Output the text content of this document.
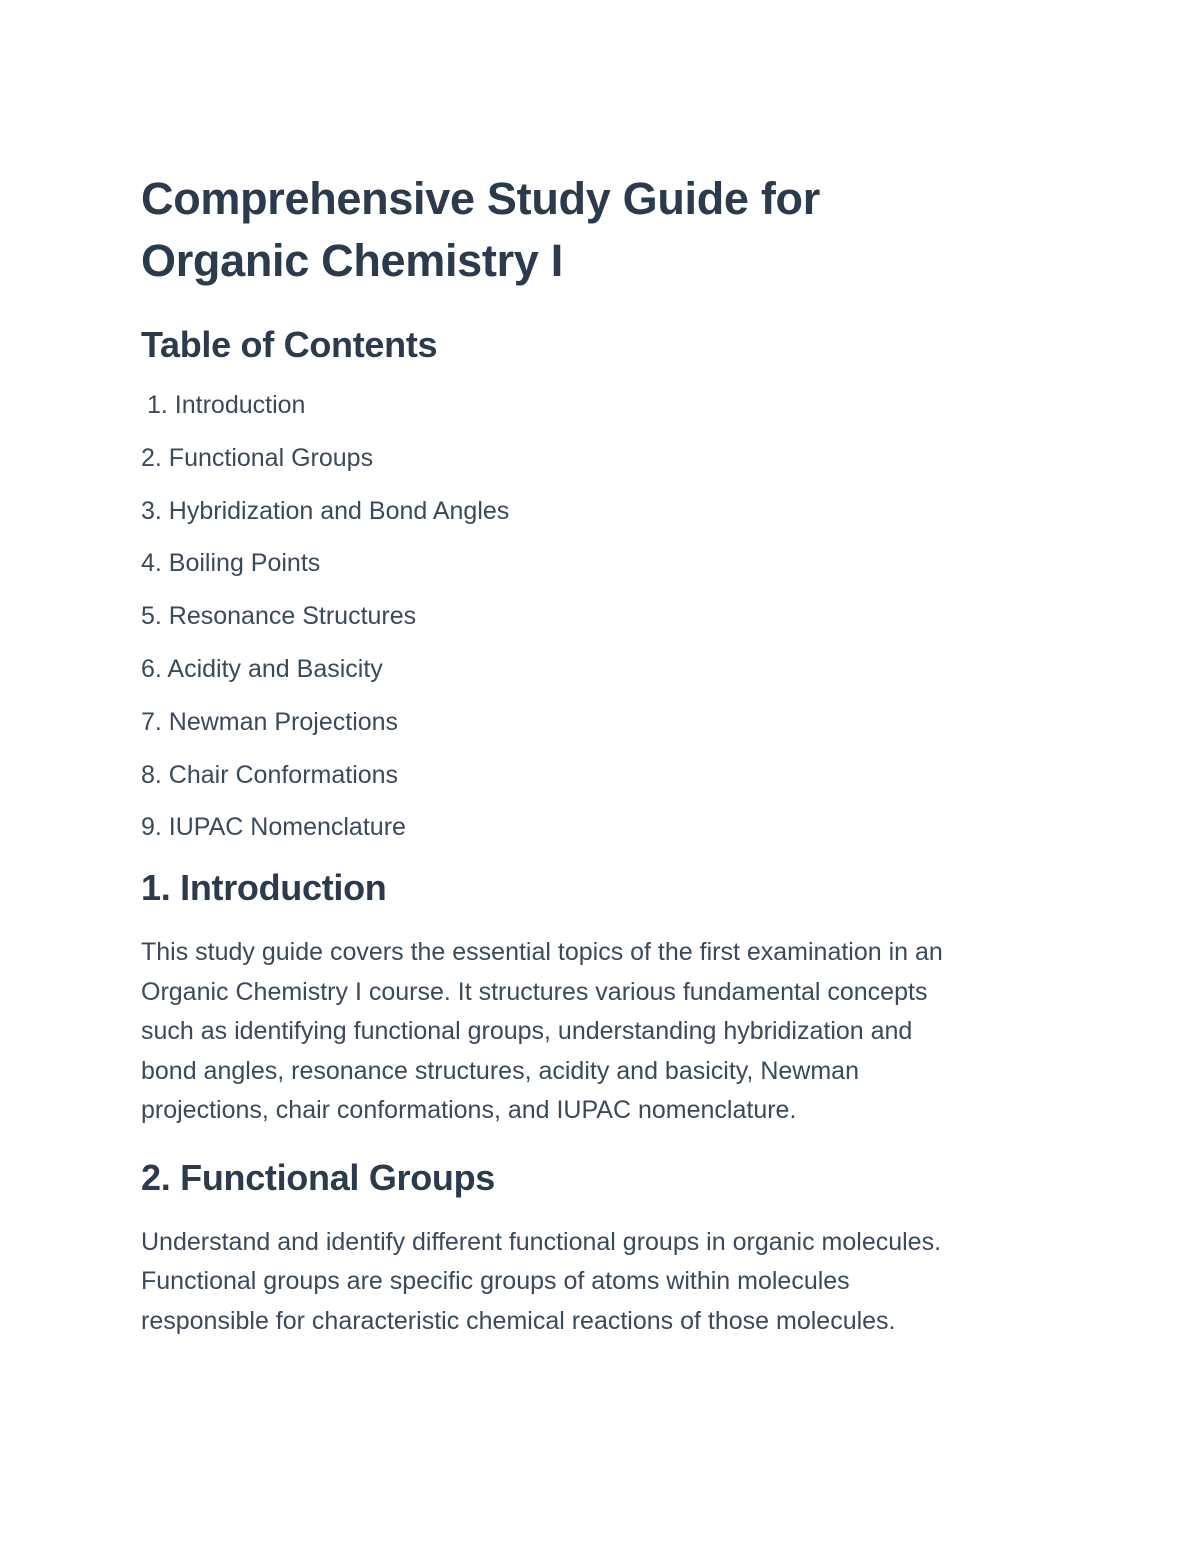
Comprehensive Study Guide for
Organic Chemistry I
Table of Contents
1. Introduction
2. Functional Groups
3. Hybridization and Bond Angles
4. Boiling Points
5. Resonance Structures
6. Acidity and Basicity
7. Newman Projections
8. Chair Conformations
9. IUPAC Nomenclature
1. Introduction

This study guide covers the essential topics of the first examination in an
Organic Chemistry I course. It structures various fundamental concepts
such as identifying functional groups, understanding hybridization and
bond angles, resonance structures, acidity and basicity, Newman
projections, chair conformations, and IUPAC nomenclature.

2. Functional Groups

Understand and identify different functional groups in organic molecules.
Functional groups are specific groups of atoms within molecules
responsible for characteristic chemical reactions of those molecules.
